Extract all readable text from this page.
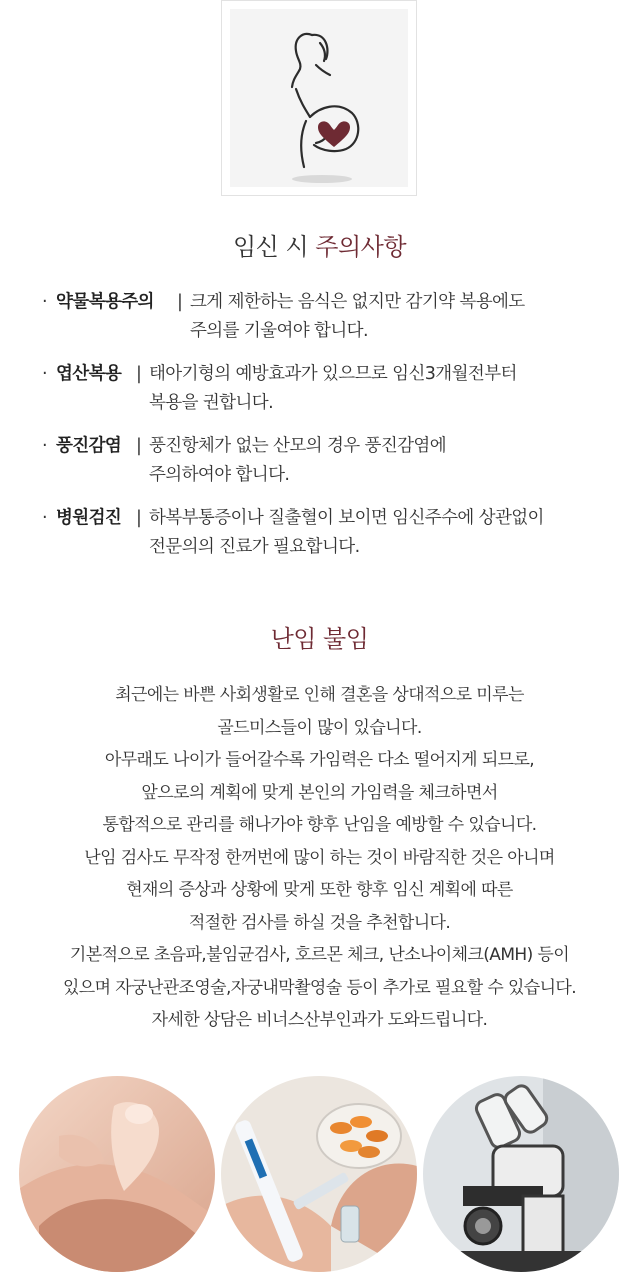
임신 시 주의사항
· 약물복용주의 | 크게 제한하는 음식은 없지만 감기약 복용에도
주의를 기울여야 합니다.
· 엽산복용 | 태아기형의 예방효과가 있으므로 임신3개월전부터
복용을 권합니다.
· 풍진감염 | 풍진항체가 없는 산모의 경우 풍진감염에
주의하여야 합니다.
· 병원검진 | 하복부통증이나 질출혈이 보이면 임신주수에 상관없이
전문의의 진료가 필요합니다.
난임 불임
최근에는 바쁜 사회생활로 인해 결혼을 상대적으로 미루는
골드미스들이 많이 있습니다.
아무래도 나이가 들어갈수록 가임력은 다소 떨어지게 되므로,
앞으로의 계획에 맞게 본인의 가임력을 체크하면서
통합적으로 관리를 해나가야 향후 난임을 예방할 수 있습니다.
난임 검사도 무작정 한꺼번에 많이 하는 것이 바람직한 것은 아니며
현재의 증상과 상황에 맞게 또한 향후 임신 계획에 따른
적절한 검사를 하실 것을 추천합니다.
기본적으로 초음파,불임균검사, 호르몬 체크, 난소나이체크(AMH) 등이
있으며 자궁난관조영술,자궁내막촬영술 등이 추가로 필요할 수 있습니다.
자세한 상담은 비너스산부인과가 도와드립니다.
